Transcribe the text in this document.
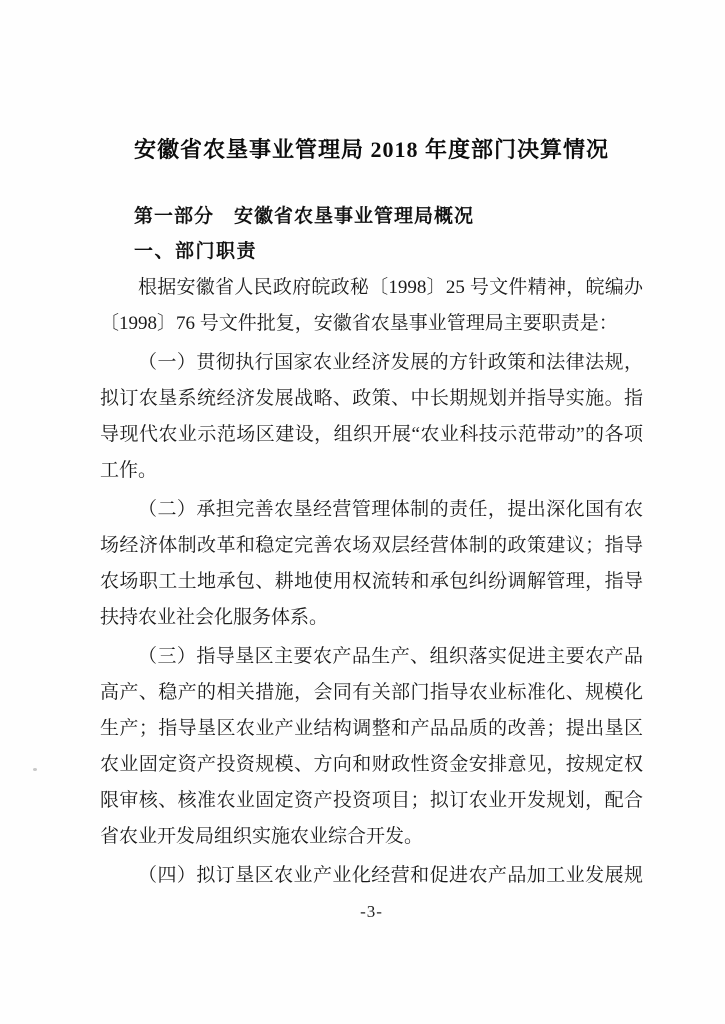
安徽省农垦事业管理局 2018 年度部门决算情况
第一部分　安徽省农垦事业管理局概况
一、部门职责
根据安徽省人民政府皖政秘〔1998〕25 号文件精神，皖编办
〔1998〕76 号文件批复，安徽省农垦事业管理局主要职责是：
（一）贯彻执行国家农业经济发展的方针政策和法律法规，
拟订农垦系统经济发展战略、政策、中长期规划并指导实施。指
导现代农业示范场区建设，组织开展“农业科技示范带动”的各项
工作。
（二）承担完善农垦经营管理体制的责任，提出深化国有农
场经济体制改革和稳定完善农场双层经营体制的政策建议；指导
农场职工土地承包、耕地使用权流转和承包纠纷调解管理，指导
扶持农业社会化服务体系。
（三）指导垦区主要农产品生产、组织落实促进主要农产品
高产、稳产的相关措施，会同有关部门指导农业标准化、规模化
生产；指导垦区农业产业结构调整和产品品质的改善；提出垦区
农业固定资产投资规模、方向和财政性资金安排意见，按规定权
限审核、核准农业固定资产投资项目；拟订农业开发规划，配合
省农业开发局组织实施农业综合开发。
（四）拟订垦区农业产业化经营和促进农产品加工业发展规
-3-
